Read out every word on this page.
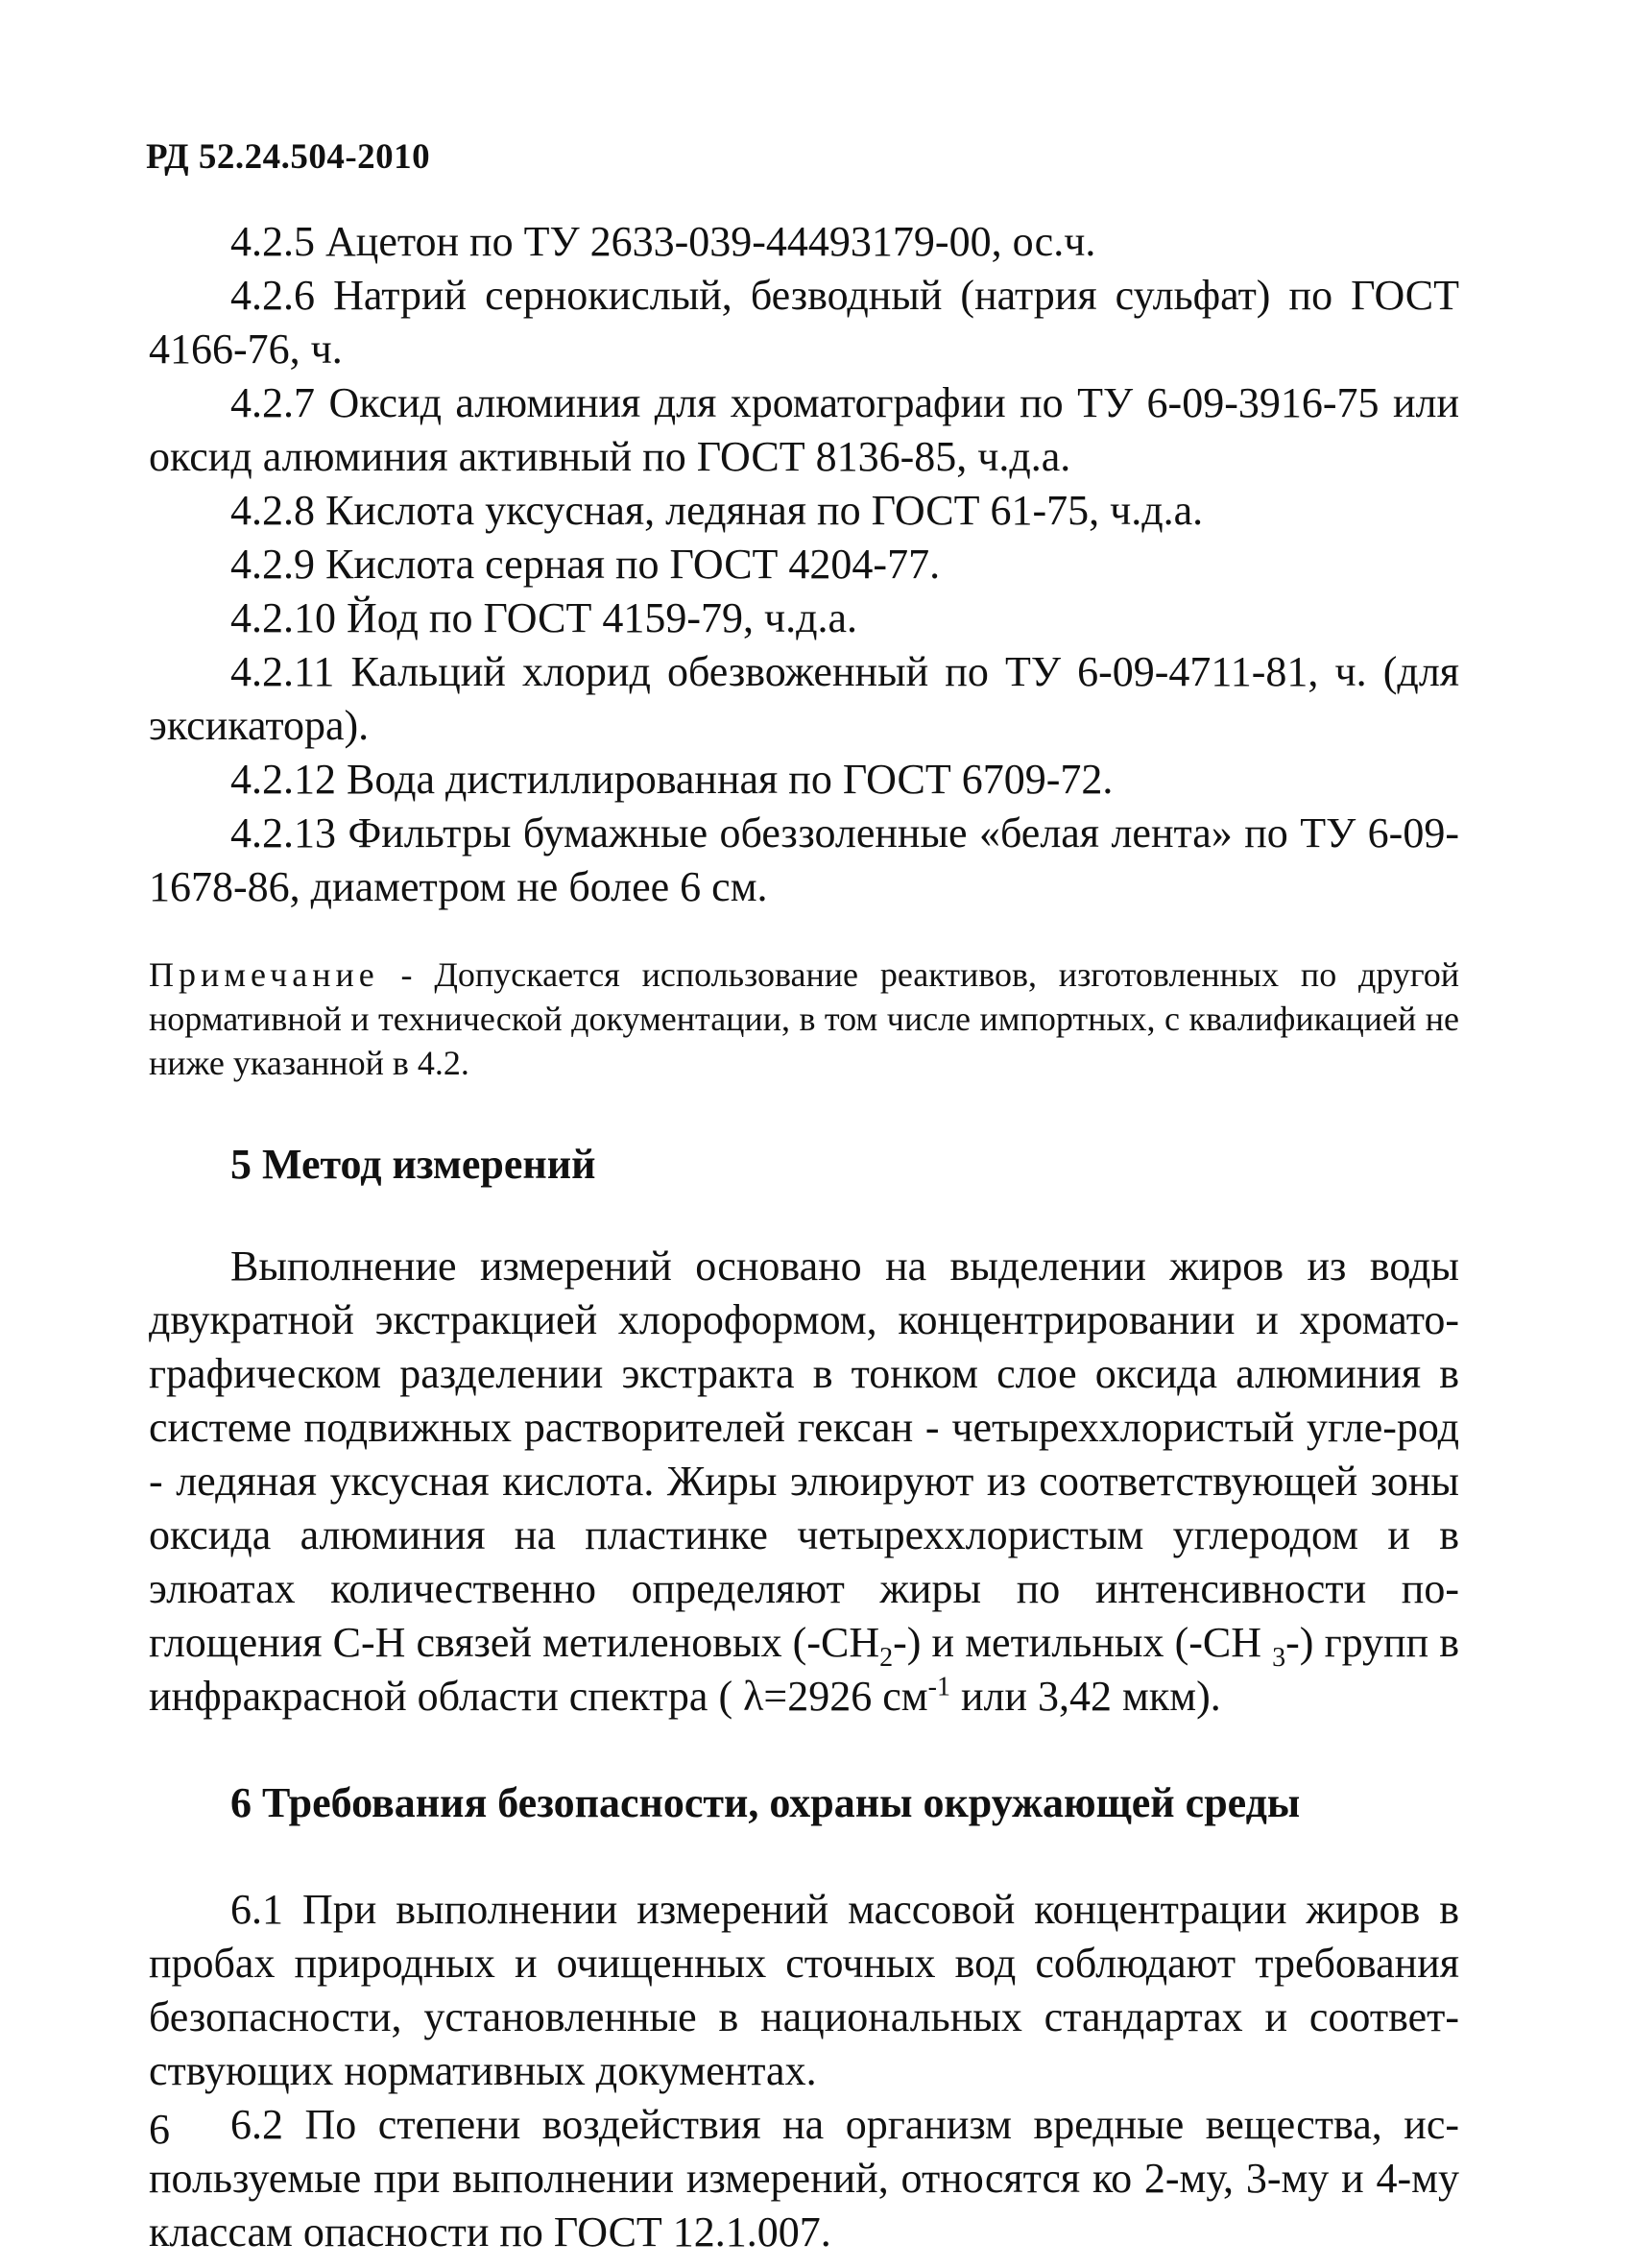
РД 52.24.504-2010

4.2.5 Ацетон по ТУ 2633-039-44493179-00, ос.ч.

4.2.6 Натрий сернокислый, безводный (натрия сульфат) по ГОСТ 4166-76, ч.

4.2.7 Оксид алюминия для хроматографии по ТУ 6-09-3916-75 или оксид алюминия активный по ГОСТ 8136-85, ч.д.а.

4.2.8 Кислота уксусная, ледяная по ГОСТ 61-75, ч.д.а.

4.2.9 Кислота серная по ГОСТ 4204-77.

4.2.10 Йод по ГОСТ 4159-79, ч.д.а.

4.2.11 Кальций хлорид обезвоженный по ТУ 6-09-4711-81, ч. (для эксикатора).

4.2.12 Вода дистиллированная по ГОСТ 6709-72.

4.2.13 Фильтры бумажные обеззоленные «белая лента» по ТУ 6-09-1678-86, диаметром не более 6 см.

Примечание - Допускается использование реактивов, изготовленных по другой нормативной и технической документации, в том числе импортных, с квалификацией не ниже указанной в 4.2.

5 Метод измерений

Выполнение измерений основано на выделении жиров из воды двукратной экстракцией хлороформом, концентрировании и хромато-графическом разделении экстракта в тонком слое оксида алюминия в системе подвижных растворителей гексан - четыреххлористый угле-род - ледяная уксусная кислота. Жиры элюируют из соответствующей зоны оксида алюминия на пластинке четыреххлористым углеродом и в элюатах количественно определяют жиры по интенсивности по-глощения С-Н связей метиленовых $(-СН_2-)$ и метильных (-СН $_3$-) групп в инфракрасной области спектра ( λ=2926 $см^{-1}$ или 3,42 мкм).

6 Требования безопасности, охраны окружающей среды

6.1 При выполнении измерений массовой концентрации жиров в пробах природных и очищенных сточных вод соблюдают требования безопасности, установленные в национальных стандартах и соответ-ствующих нормативных документах.

6.2 По степени воздействия на организм вредные вещества, ис-пользуемые при выполнении измерений, относятся ко 2-му, 3-му и 4-му классам опасности по ГОСТ 12.1.007.

6
